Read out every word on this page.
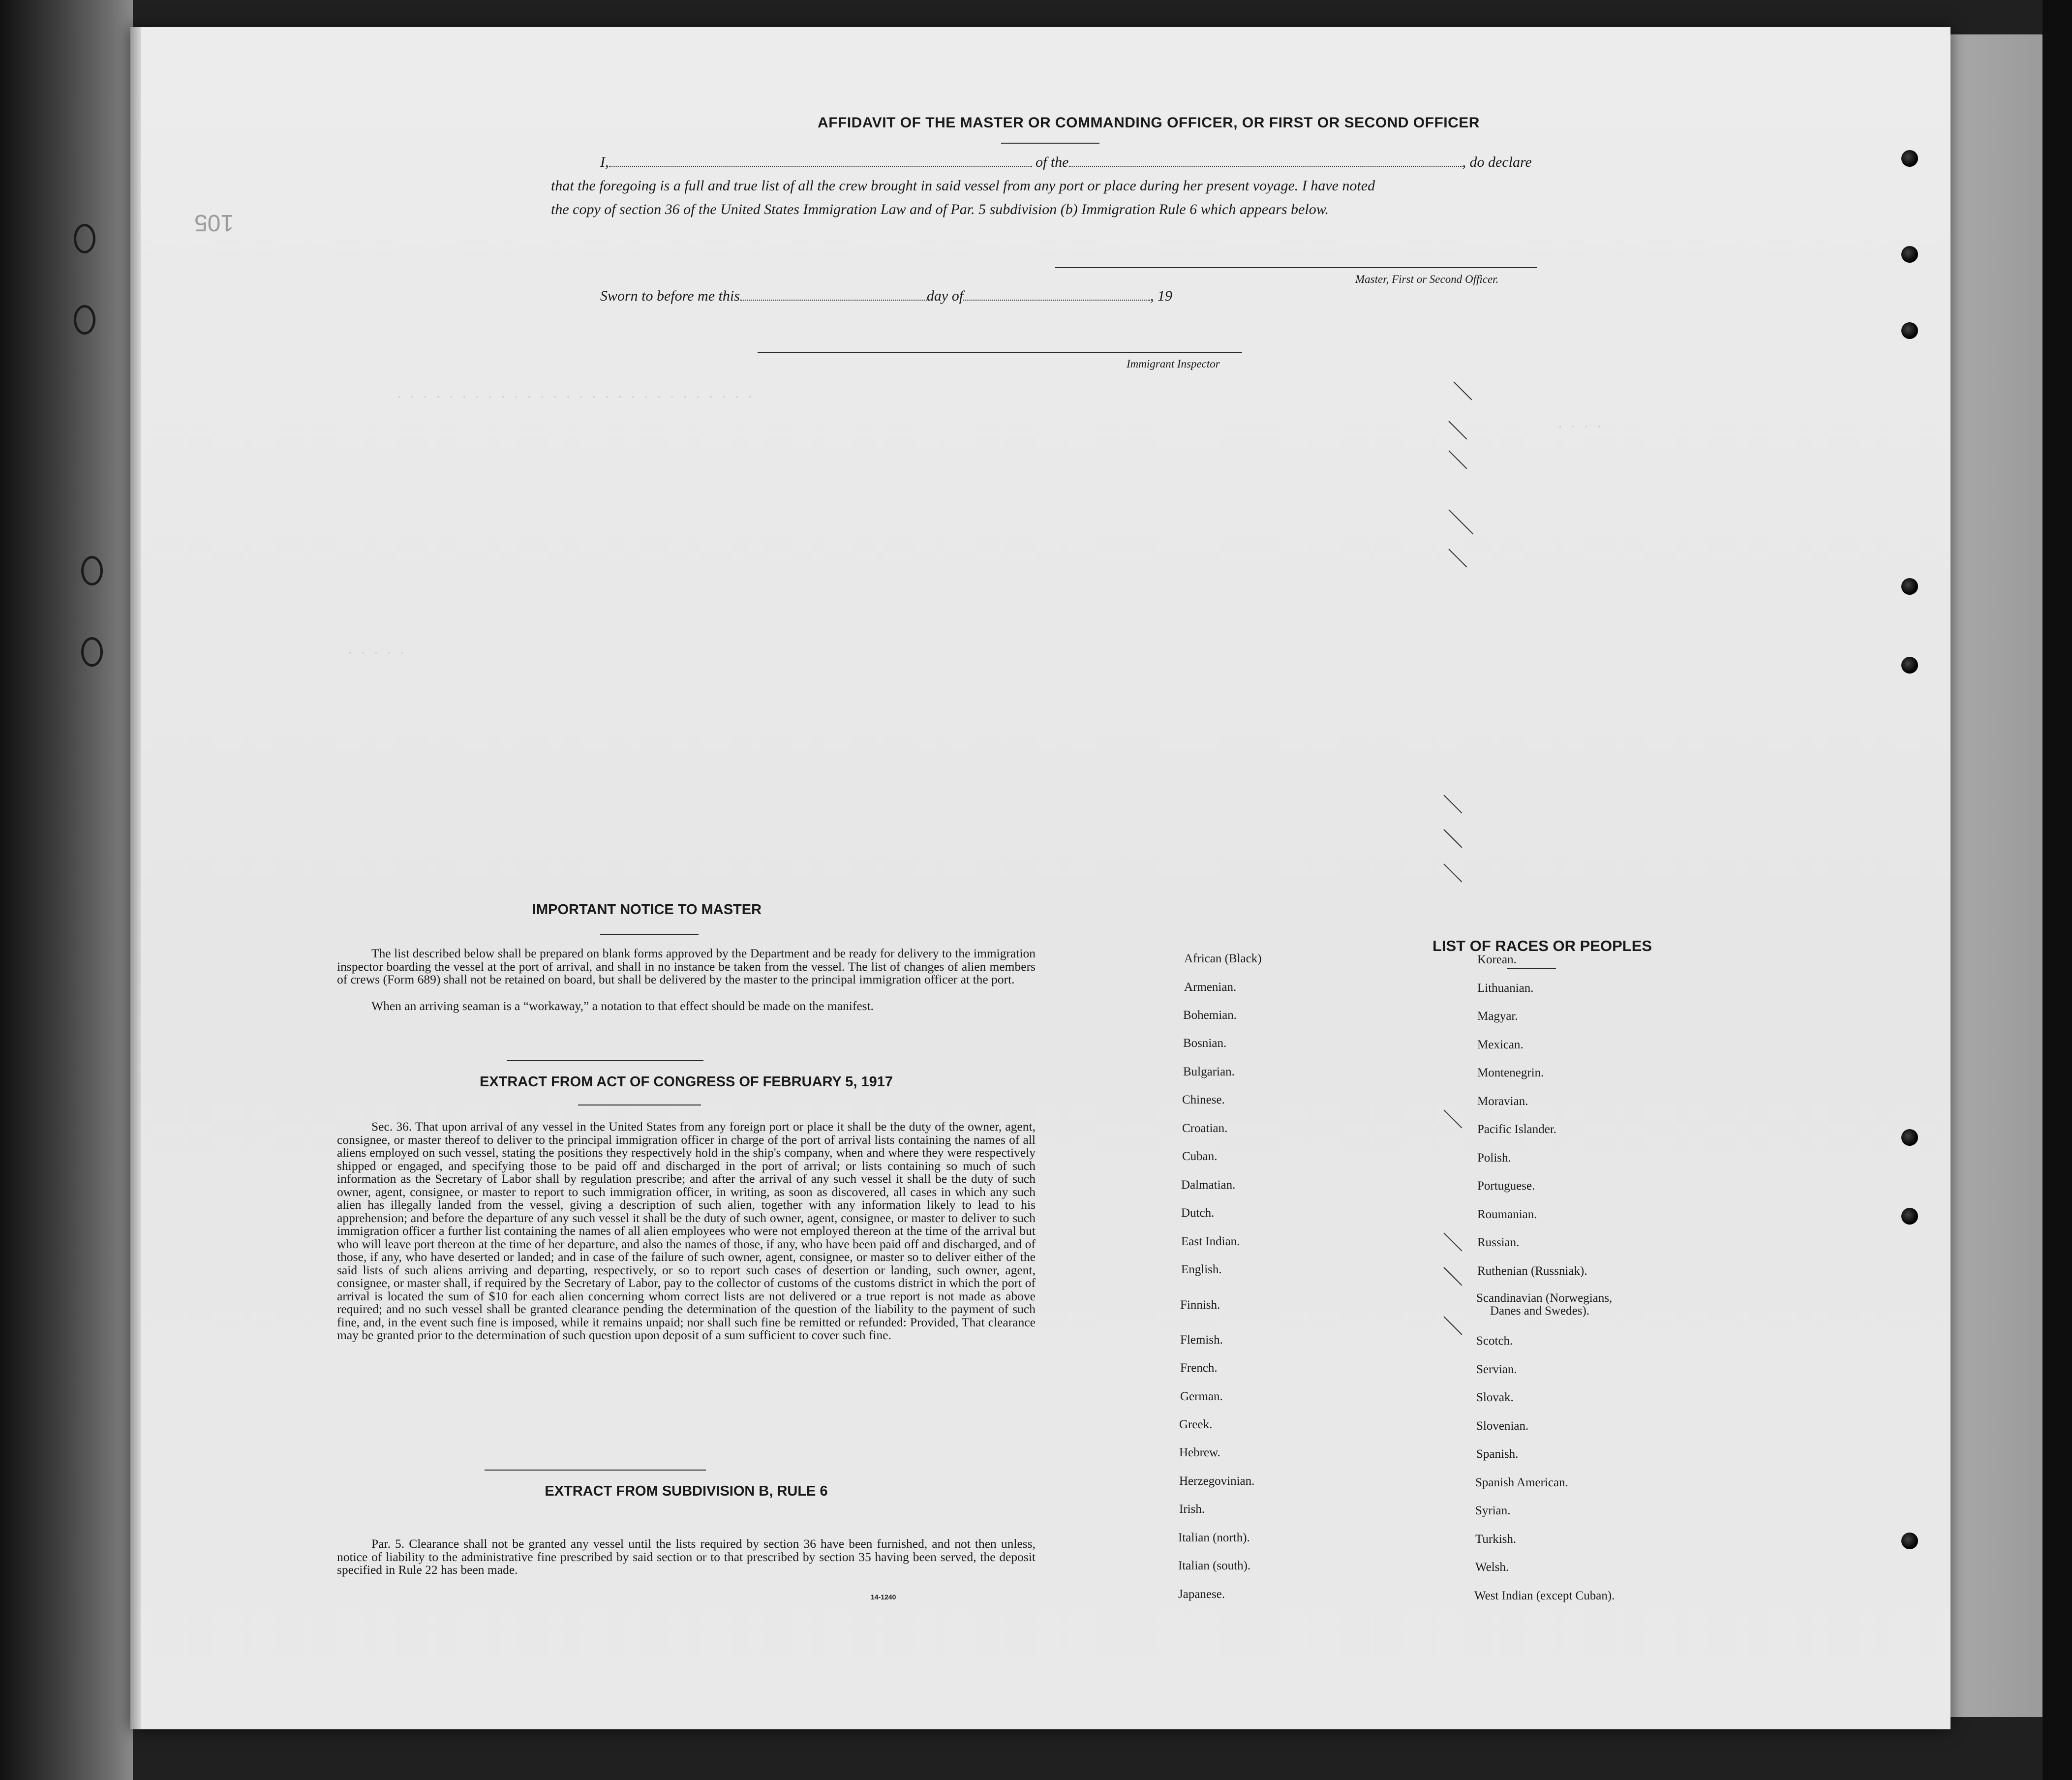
· · · · · · · · · · · · · · · · · · · · · · · · · · · ·
· · · · ·
· · · ·
AFFIDAVIT OF THE MASTER OR COMMANDING OFFICER, OR FIRST OR SECOND OFFICER
I,	of the	, do declare
that the foregoing is a full and true list of all the crew brought in said vessel from any port or place during her present voyage. I have noted
the copy of section 36 of the United States Immigration Law and of Par. 5 subdivision (b) Immigration Rule 6 which appears below.
Master, First or Second Officer.
Sworn to before me this	day of	, 19
Immigrant Inspector
IMPORTANT NOTICE TO MASTER
The list described below shall be prepared on blank forms approved by the Department and be ready for delivery to the immigration inspector boarding the vessel at the port of arrival, and shall in no instance be taken from the vessel. The list of changes of alien members of crews (Form 689) shall not be retained on board, but shall be delivered by the master to the principal immigration officer at the port.
When an arriving seaman is a “workaway,” a notation to that effect should be made on the manifest.
EXTRACT FROM ACT OF CONGRESS OF FEBRUARY 5, 1917
Sec. 36. That upon arrival of any vessel in the United States from any foreign port or place it shall be the duty of the owner, agent, consignee, or master thereof to deliver to the principal immigration officer in charge of the port of arrival lists containing the names of all aliens employed on such vessel, stating the positions they respectively hold in the ship's company, when and where they were respectively shipped or engaged, and specifying those to be paid off and discharged in the port of arrival; or lists containing so much of such information as the Secretary of Labor shall by regulation prescribe; and after the arrival of any such vessel it shall be the duty of such owner, agent, consignee, or master to report to such immigration officer, in writing, as soon as discovered, all cases in which any such alien has illegally landed from the vessel, giving a description of such alien, together with any information likely to lead to his apprehension; and before the departure of any such vessel it shall be the duty of such owner, agent, consignee, or master to deliver to such immigration officer a further list containing the names of all alien employees who were not employed thereon at the time of the arrival but who will leave port thereon at the time of her departure, and also the names of those, if any, who have been paid off and discharged, and of those, if any, who have deserted or landed; and in case of the failure of such owner, agent, consignee, or master so to deliver either of the said lists of such aliens arriving and departing, respectively, or so to report such cases of desertion or landing, such owner, agent, consignee, or master shall, if required by the Secretary of Labor, pay to the collector of customs of the customs district in which the port of arrival is located the sum of $10 for each alien concerning whom correct lists are not delivered or a true report is not made as above required; and no such vessel shall be granted clearance pending the determination of the question of the liability to the payment of such fine, and, in the event such fine is imposed, while it remains unpaid; nor shall such fine be remitted or refunded: Provided, That clearance may be granted prior to the determination of such question upon deposit of a sum sufficient to cover such fine.
EXTRACT FROM SUBDIVISION B, RULE 6
Par. 5. Clearance shall not be granted any vessel until the lists required by section 36 have been furnished, and not then unless, notice of liability to the administrative fine prescribed by said section or to that prescribed by section 35 having been served, the deposit specified in Rule 22 has been made.
14-1240
LIST OF RACES OR PEOPLES
African (Black)
Armenian.
Bohemian.
Bosnian.
Bulgarian.
Chinese.
Croatian.
Cuban.
Dalmatian.
Dutch.
East Indian.
English.
Finnish.
Flemish.
French.
German.
Greek.
Hebrew.
Herzegovinian.
Irish.
Italian (north).
Italian (south).
Japanese.
Korean.
Lithuanian.
Magyar.
Mexican.
Montenegrin.
Moravian.
Pacific Islander.
Polish.
Portuguese.
Roumanian.
Russian.
Ruthenian (Russniak).
Scandinavian (Norwegians,
Danes and Swedes).
Scotch.
Servian.
Slovak.
Slovenian.
Spanish.
Spanish American.
Syrian.
Turkish.
Welsh.
West Indian (except Cuban).
105
